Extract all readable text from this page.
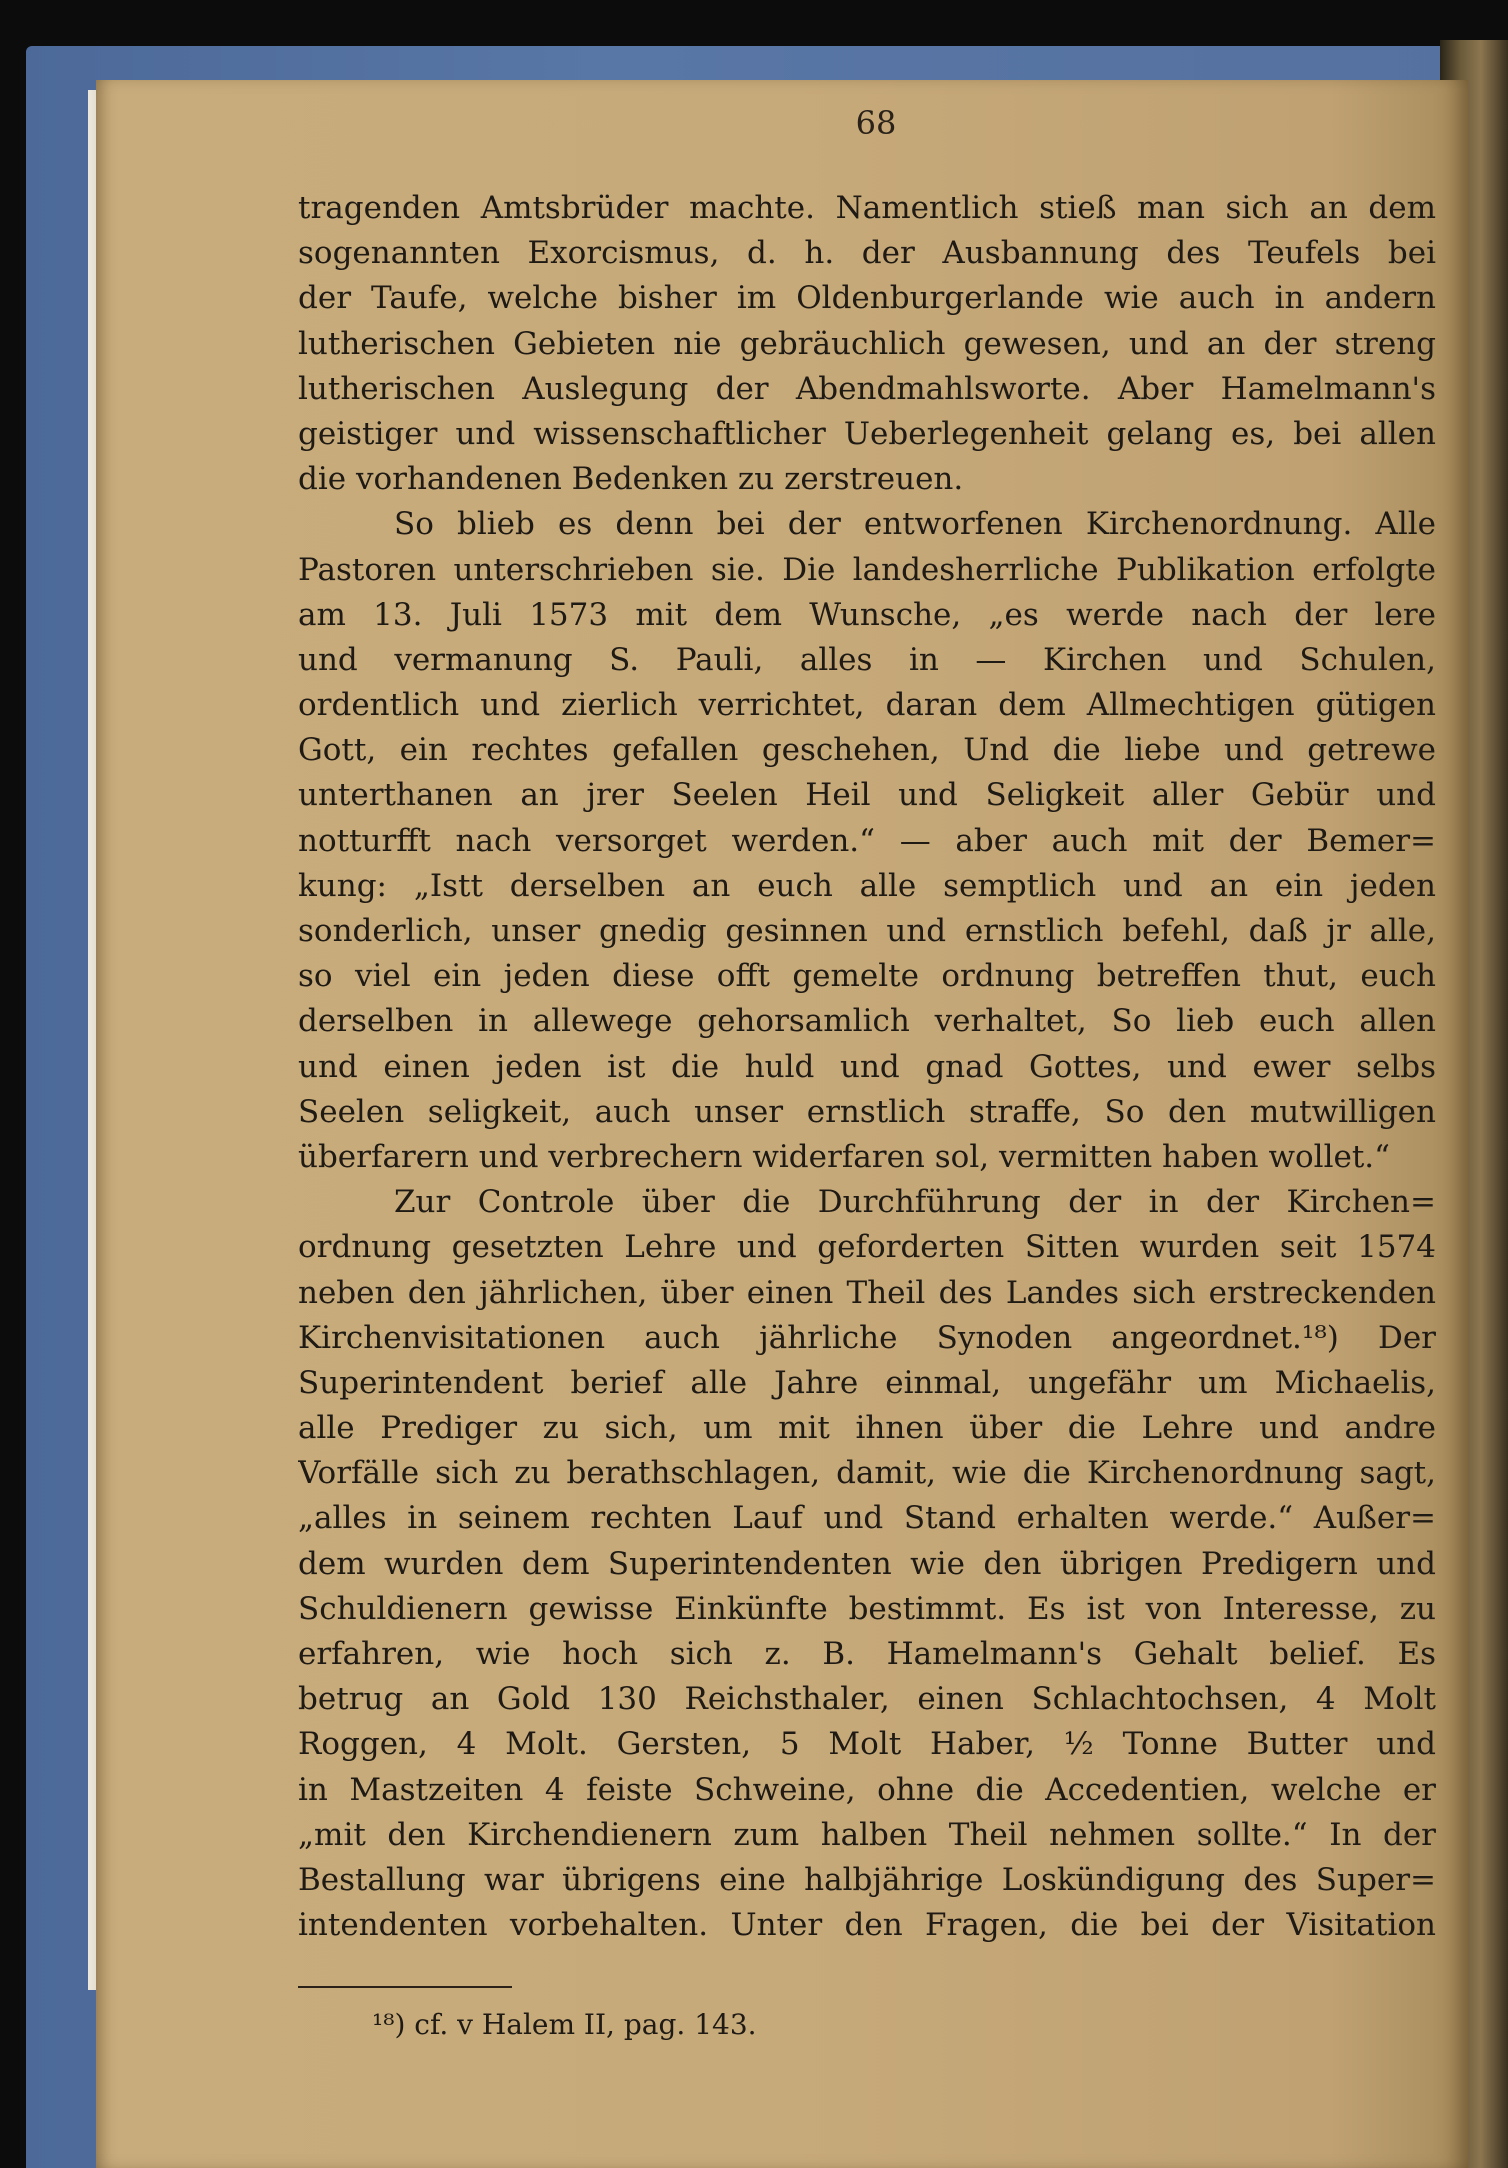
68
tragenden Amtsbrüder machte. Namentlich stieß man sich an dem
sogenannten Exorcismus, d. h. der Ausbannung des Teufels bei
der Taufe, welche bisher im Oldenburgerlande wie auch in andern
lutherischen Gebieten nie gebräuchlich gewesen, und an der streng
lutherischen Auslegung der Abendmahlsworte. Aber Hamelmann's
geistiger und wissenschaftlicher Ueberlegenheit gelang es, bei allen
die vorhandenen Bedenken zu zerstreuen.
So blieb es denn bei der entworfenen Kirchenordnung. Alle
Pastoren unterschrieben sie. Die landesherrliche Publikation erfolgte
am 13. Juli 1573 mit dem Wunsche, „es werde nach der lere
und vermanung S. Pauli, alles in — Kirchen und Schulen,
ordentlich und zierlich verrichtet, daran dem Allmechtigen gütigen
Gott, ein rechtes gefallen geschehen, Und die liebe und getrewe
unterthanen an jrer Seelen Heil und Seligkeit aller Gebür und
notturfft nach versorget werden.“ — aber auch mit der Bemer=
kung: „Istt derselben an euch alle semptlich und an ein jeden
sonderlich, unser gnedig gesinnen und ernstlich befehl, daß jr alle,
so viel ein jeden diese offt gemelte ordnung betreffen thut, euch
derselben in allewege gehorsamlich verhaltet, So lieb euch allen
und einen jeden ist die huld und gnad Gottes, und ewer selbs
Seelen seligkeit, auch unser ernstlich straffe, So den mutwilligen
überfarern und verbrechern widerfaren sol, vermitten haben wollet.“
Zur Controle über die Durchführung der in der Kirchen=
ordnung gesetzten Lehre und geforderten Sitten wurden seit 1574
neben den jährlichen, über einen Theil des Landes sich erstreckenden
Kirchenvisitationen auch jährliche Synoden angeordnet.¹⁸) Der
Superintendent berief alle Jahre einmal, ungefähr um Michaelis,
alle Prediger zu sich, um mit ihnen über die Lehre und andre
Vorfälle sich zu berathschlagen, damit, wie die Kirchenordnung sagt,
„alles in seinem rechten Lauf und Stand erhalten werde.“ Außer=
dem wurden dem Superintendenten wie den übrigen Predigern und
Schuldienern gewisse Einkünfte bestimmt. Es ist von Interesse, zu
erfahren, wie hoch sich z. B. Hamelmann's Gehalt belief. Es
betrug an Gold 130 Reichsthaler, einen Schlachtochsen, 4 Molt
Roggen, 4 Molt. Gersten, 5 Molt Haber, ½ Tonne Butter und
in Mastzeiten 4 feiste Schweine, ohne die Accedentien, welche er
„mit den Kirchendienern zum halben Theil nehmen sollte.“ In der
Bestallung war übrigens eine halbjährige Loskündigung des Super=
intendenten vorbehalten. Unter den Fragen, die bei der Visitation
¹⁸) cf. v Halem II, pag. 143.
